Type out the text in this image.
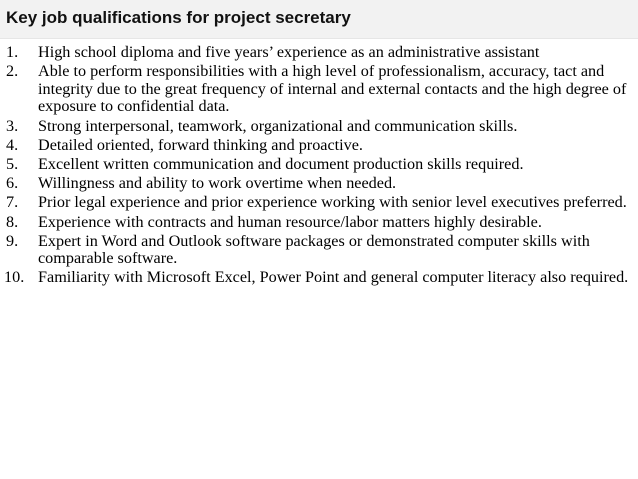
Key job qualifications for project secretary
1.	High school diploma and five years’ experience as an administrative assistant
2.	Able to perform responsibilities with a high level of professionalism, accuracy, tact and integrity due to the great frequency of internal and external contacts and the high degree of exposure to confidential data.
3.	Strong interpersonal, teamwork, organizational and communication skills.
4.	Detailed oriented, forward thinking and proactive.
5.	Excellent written communication and document production skills required.
6.	Willingness and ability to work overtime when needed.
7.	Prior legal experience and prior experience working with senior level executives preferred.
8.	Experience with contracts and human resource/labor matters highly desirable.
9.	Expert in Word and Outlook software packages or demonstrated computer skills with comparable software.
10. Familiarity with Microsoft Excel, Power Point and general computer literacy also required.
